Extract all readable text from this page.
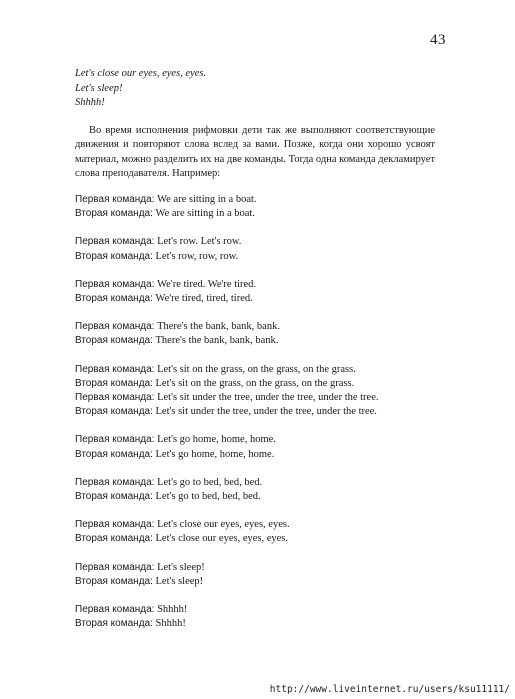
43
Let's close our eyes, eyes, eyes.
Let's sleep!
Shhhh!
Во время исполнения рифмовки дети так же выполняют соответствующие движения и повторяют слова вслед за вами. Позже, когда они хорошо усвоят материал, можно разделить их на две команды. Тогда одна команда декламирует слова преподавателя. Например:
Первая команда: We are sitting in a boat.
Вторая команда: We are sitting in a boat.
Первая команда: Let's row. Let's row.
Вторая команда: Let's row, row, row.
Первая команда: We're tired. We're tired.
Вторая команда: We're tired, tired, tired.
Первая команда: There's the bank, bank, bank.
Вторая команда: There's the bank, bank, bank.
Первая команда: Let's sit on the grass, on the grass, on the grass.
Вторая команда: Let's sit on the grass, on the grass, on the grass.
Первая команда: Let's sit under the tree, under the tree, under the tree.
Вторая команда: Let's sit under the tree, under the tree, under the tree.
Первая команда: Let's go home, home, home.
Вторая команда: Let's go home, home, home.
Первая команда: Let's go to bed, bed, bed.
Вторая команда: Let's go to bed, bed, bed.
Первая команда: Let's close our eyes, eyes, eyes.
Вторая команда: Let's close our eyes, eyes, eyes.
Первая команда: Let's sleep!
Вторая команда: Let's sleep!
Первая команда: Shhhh!
Вторая команда: Shhhh!
http://www.liveinternet.ru/users/ksu11111/
